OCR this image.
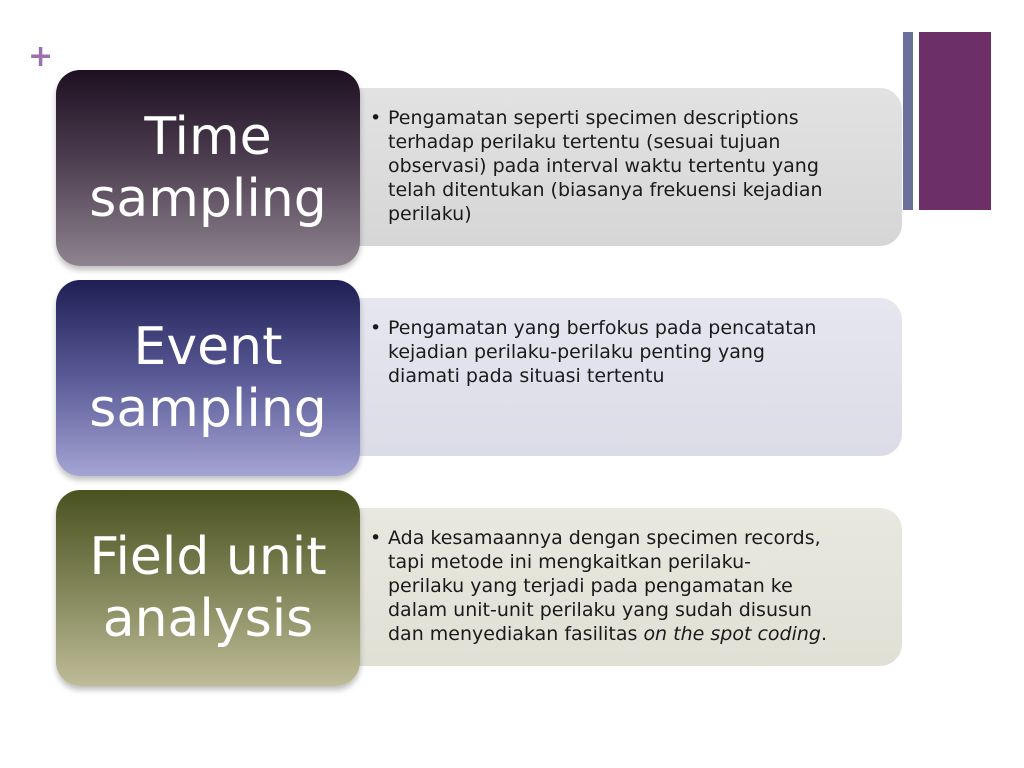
+
• Pengamatan seperti specimen descriptions
terhadap perilaku tertentu (sesuai tujuan
observasi) pada interval waktu tertentu yang
telah ditentukan (biasanya frekuensi kejadian
perilaku)
Time
sampling
• Pengamatan yang berfokus pada pencatatan
kejadian perilaku-perilaku penting yang
diamati pada situasi tertentu
Event
sampling
• Ada kesamaannya dengan specimen records,
tapi metode ini mengkaitkan perilaku-
perilaku yang terjadi pada pengamatan ke
dalam unit-unit perilaku yang sudah disusun
dan menyediakan fasilitas on the spot coding.
Field unit
analysis
